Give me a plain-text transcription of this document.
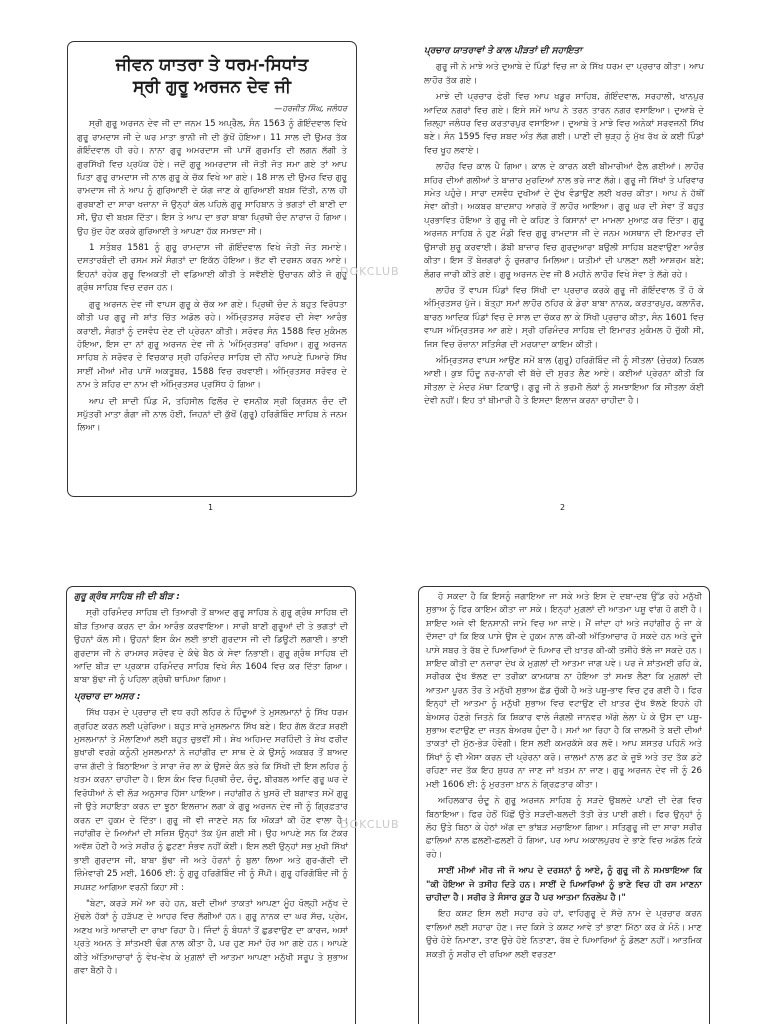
ਜੀਵਨ ਯਾਤਰਾ ਤੇ ਧਰਮ-ਸਿਧਾਂਤ
ਸ੍ਰੀ ਗੁਰੂ ਅਰਜਨ ਦੇਵ ਜੀ
—ਹਰਜੀਤ ਸਿੰਘ, ਜਲੰਧਰ

ਸ੍ਰੀ ਗੁਰੂ ਅਰਜਨ ਦੇਵ ਜੀ ਦਾ ਜਨਮ 15 ਅਪ੍ਰੈਲ, ਸੰਨ 1563 ਨੂੰ ਗੋਇੰਦਵਾਲ ਵਿਖੇ ਗੁਰੂ ਰਾਮਦਾਸ ਜੀ ਦੇ ਘਰ ਮਾਤਾ ਭਾਨੀ ਜੀ ਦੀ ਕੁੱਖੋਂ ਹੋਇਆ। 11 ਸਾਲ ਦੀ ਉਮਰ ਤੱਕ ਗੋਇੰਦਵਾਲ ਹੀ ਰਹੇ। ਨਾਨਾ ਗੁਰੂ ਅਮਰਦਾਸ ਜੀ ਪਾਸੋਂ ਗੁਰਮਤਿ ਦੀ ਲਗਨ ਲੱਗੀ ਤੇ ਗੁਰਸਿੱਖੀ ਵਿਚ ਪ੍ਰਪੱਕ ਹੋਏ। ਜਦੋਂ ਗੁਰੂ ਅਮਰਦਾਸ ਜੀ ਜੋਤੀ ਜੋਤ ਸਮਾ ਗਏ ਤਾਂ ਆਪ ਪਿਤਾ ਗੁਰੂ ਰਾਮਦਾਸ ਜੀ ਨਾਲ ਗੁਰੂ ਕੇ ਚੱਕ ਵਿਖੇ ਆ ਗਏ। 18 ਸਾਲ ਦੀ ਉਮਰ ਵਿਚ ਗੁਰੂ ਰਾਮਦਾਸ ਜੀ ਨੇ ਆਪ ਨੂੰ ਗੁਰਿਆਈ ਦੇ ਯੋਗ ਜਾਣ ਕੇ ਗੁਰਿਆਈ ਬਖ਼ਸ਼ ਦਿੱਤੀ, ਨਾਲ ਹੀ ਗੁਰਬਾਣੀ ਦਾ ਸਾਰਾ ਖਜ਼ਾਨਾ ਜੋ ਉਨ੍ਹਾਂ ਕੋਲ ਪਹਿਲੇ ਗੁਰੂ ਸਾਹਿਬਾਨ ਤੇ ਭਗਤਾਂ ਦੀ ਬਾਣੀ ਦਾ ਸੀ, ਉਹ ਵੀ ਬਖ਼ਸ਼ ਦਿੱਤਾ। ਇਸ ਤੇ ਆਪ ਦਾ ਭਰਾ ਬਾਬਾ ਪ੍ਰਿਥੀ ਚੰਦ ਨਾਰਾਜ਼ ਹੋ ਗਿਆ। ਉਹ ਖੁੱਦ ਹੋਣ ਕਰਕੇ ਗੁਰਿਆਈ ਤੇ ਆਪਣਾ ਹੱਕ ਸਮਝਦਾ ਸੀ।

1 ਸਤੰਬਰ 1581 ਨੂੰ ਗੁਰੂ ਰਾਮਦਾਸ ਜੀ ਗੋਇੰਦਵਾਲ ਵਿਖੇ ਜੋਤੀ ਜੋਤ ਸਮਾਏ। ਦਸਤਾਰਬੰਦੀ ਦੀ ਰਸਮ ਸਮੇਂ ਸੰਗਤਾਂ ਦਾ ਇਕੱਠ ਹੋਇਆ। ਭੱਟ ਵੀ ਦਰਸ਼ਨ ਕਰਨ ਆਏ। ਇਹਨਾਂ ਰਹੇਕ ਗੁਰੂ ਵਿਅਕਤੀ ਦੀ ਵਡਿਆਈ ਕੀਤੀ ਤੇ ਸਵੱਈਏ ਉਚਾਰਨ ਕੀਤੇ ਜੋ ਗੁਰੂ ਗ੍ਰੰਥ ਸਾਹਿਬ ਵਿਚ ਦਰਜ ਹਨ।

ਗੁਰੂ ਅਰਜਨ ਦੇਵ ਜੀ ਵਾਪਸ ਗੁਰੂ ਕੇ ਚੱਕ ਆ ਗਏ। ਪ੍ਰਿਥੀ ਚੰਦ ਨੇ ਬਹੁਤ ਵਿਰੋਧਤਾ ਕੀਤੀ ਪਰ ਗੁਰੂ ਜੀ ਸ਼ਾਂਤ ਚਿੱਤ ਅਡੋਲ ਰਹੇ। ਅੰਮ੍ਰਿਤਸਰ ਸਰੋਵਰ ਦੀ ਸੇਵਾ ਆਰੰਭ ਕਰਾਈ, ਸੰਗਤਾਂ ਨੂੰ ਦਸਵੰਧ ਦੇਣ ਦੀ ਪ੍ਰੇਰਨਾ ਕੀਤੀ। ਸਰੋਵਰ ਸੰਨ 1588 ਵਿਚ ਮੁਕੰਮਲ ਹੋਇਆ, ਇਸ ਦਾ ਨਾਂ ਗੁਰੂ ਅਰਜਨ ਦੇਵ ਜੀ ਨੇ 'ਅੰਮ੍ਰਿਤਸਰ' ਰਖਿਆ। ਗੁਰੂ ਅਰਜਨ ਸਾਹਿਬ ਨੇ ਸਰੋਵਰ ਦੇ ਵਿਚਕਾਰ ਸ੍ਰੀ ਹਰਿਮੰਦਰ ਸਾਹਿਬ ਦੀ ਨੀਂਹ ਆਪਣੇ ਪਿਆਰੇ ਸਿੱਖ ਸਾਈਂ ਮੀਆਂ ਮੀਰ ਪਾਸੋਂ ਅਕਤੂਬਰ, 1588 ਵਿਚ ਰਖਵਾਈ। ਅੰਮ੍ਰਿਤਸਰ ਸਰੋਵਰ ਦੇ ਨਾਮ ਤੇ ਸ਼ਹਿਰ ਦਾ ਨਾਮ ਵੀ ਅੰਮ੍ਰਿਤਸਰ ਪ੍ਰਸਿੱਧ ਹੋ ਗਿਆ।

ਆਪ ਦੀ ਸ਼ਾਦੀ ਪਿੰਡ ਮੌ, ਤਹਿਸੀਲ ਫਿਲੌਰ ਦੇ ਵਸਨੀਕ ਸ੍ਰੀ ਕ੍ਰਿਸ਼ਨ ਚੰਦ ਦੀ ਸਪੁੱਤਰੀ ਮਾਤਾ ਗੰਗਾ ਜੀ ਨਾਲ ਹੋਈ, ਜਿਹਨਾਂ ਦੀ ਕੁੱਖੋਂ (ਗੁਰੂ) ਹਰਿਗੋਬਿੰਦ ਸਾਹਿਬ ਨੇ ਜਨਮ ਲਿਆ।

1

ਪ੍ਰਚਾਰ ਯਾਤਰਾਵਾਂ ਤੇ ਕਾਲ ਪੀੜਤਾਂ ਦੀ ਸਹਾਇਤਾ

ਗੁਰੂ ਜੀ ਨੇ ਮਾਝੇ ਅਤੇ ਦੁਆਬੇ ਦੇ ਪਿੰਡਾਂ ਵਿਚ ਜਾ ਕੇ ਸਿੱਖ ਧਰਮ ਦਾ ਪ੍ਰਚਾਰ ਕੀਤਾ। ਆਪ ਲਾਹੌਰ ਤੱਕ ਗਏ।

ਮਾਝੇ ਦੀ ਪ੍ਰਚਾਰ ਫੇਰੀ ਵਿਚ ਆਪ ਖਡੂਰ ਸਾਹਿਬ, ਗੋਇੰਦਵਾਲ, ਸਰਹਾਲੀ, ਖਾਨਪੁਰ ਆਦਿਕ ਨਗਰਾਂ ਵਿਚ ਗਏ। ਇਸੇ ਸਮੇਂ ਆਪ ਨੇ ਤਰਨ ਤਾਰਨ ਨਗਰ ਵਸਾਇਆ। ਦੁਆਬੇ ਦੇ ਜ਼ਿਲ੍ਹਾ ਜਲੰਧਰ ਵਿਚ ਕਰਤਾਰਪੁਰ ਵਸਾਇਆ। ਦੁਆਬੇ ਤੇ ਮਾਝੇ ਵਿਚ ਅਨੇਕਾਂ ਸਰਵਜਨੀ ਸਿੱਖ ਬਣੇ। ਸੰਨ 1595 ਵਿਚ ਸ਼ਬਦ ਅੰਤ ਲੱਗ ਗਈ। ਪਾਣੀ ਦੀ ਥੁੜ੍ਹ ਨੂੰ ਮੁੱਖ ਰੱਖ ਕੇ ਕਈ ਪਿੰਡਾਂ ਵਿਚ ਖੂਹ ਲਵਾਏ।

ਲਾਹੌਰ ਵਿਚ ਕਾਲ ਪੈ ਗਿਆ। ਕਾਲ ਦੇ ਕਾਰਨ ਕਈ ਬੀਮਾਰੀਆਂ ਫੈਲ ਗਈਆਂ। ਲਾਹੌਰ ਸ਼ਹਿਰ ਦੀਆਂ ਗਲੀਆਂ ਤੇ ਬਾਜ਼ਾਰ ਮੁਰਦਿਆਂ ਨਾਲ ਭਰੇ ਜਾਣ ਲੱਗੇ। ਗੁਰੂ ਜੀ ਸਿੱਖਾਂ ਤੇ ਪਰਿਵਾਰ ਸਮੇਤ ਪਹੁੰਚੇ। ਸਾਰਾ ਦਸਵੰਧ ਦੁਖੀਆਂ ਦੇ ਦੁੱਖ ਵੰਡਾਉਣ ਲਈ ਖਰਚ ਕੀਤਾ। ਆਪ ਨੇ ਹੱਥੀਂ ਸੇਵਾ ਕੀਤੀ। ਅਕਬਰ ਬਾਦਸ਼ਾਹ ਆਗਰੇ ਤੋਂ ਲਾਹੌਰ ਆਇਆ। ਗੁਰੂ ਘਰ ਦੀ ਸੇਵਾ ਤੋਂ ਬਹੁਤ ਪ੍ਰਭਾਵਿਤ ਹੋਇਆ ਤੇ ਗੁਰੂ ਜੀ ਦੇ ਕਹਿਣ ਤੇ ਕਿਸਾਨਾਂ ਦਾ ਮਾਮਲਾ ਮੁਆਫ਼ ਕਰ ਦਿੱਤਾ। ਗੁਰੂ ਅਰਜਨ ਸਾਹਿਬ ਨੇ ਹੁਣ ਮੰਡੀ ਵਿਚ ਗੁਰੂ ਰਾਮਦਾਸ ਜੀ ਦੇ ਜਨਮ ਅਸਥਾਨ ਦੀ ਇਮਾਰਤ ਦੀ ਉਸਾਰੀ ਸ਼ੁਰੂ ਕਰਵਾਈ। ਡੱਬੀ ਬਾਜ਼ਾਰ ਵਿਚ ਗੁਰਦੁਆਰਾ ਬਉਲੀ ਸਾਹਿਬ ਬਣਵਾਉਣਾ ਆਰੰਭ ਕੀਤਾ। ਇਸ ਤੋਂ ਬੇਜ਼ਗਰਾਂ ਨੂੰ ਰੁਜ਼ਗਾਰ ਮਿਲਿਆ। ਯਤੀਮਾਂ ਦੀ ਪਾਲਣਾ ਲਈ ਆਸ਼ਰਮ ਬਣੇ; ਲੰਗਰ ਜਾਰੀ ਕੀਤੇ ਗਏ। ਗੁਰੂ ਅਰਜਨ ਦੇਵ ਜੀ 8 ਮਹੀਨੇ ਲਾਹੌਰ ਵਿਖੇ ਸੇਵਾ ਤੇ ਲੱਗੇ ਰਹੇ।

ਲਾਹੌਰ ਤੋਂ ਵਾਪਸ ਪਿੰਡਾਂ ਵਿਚ ਸਿੱਖੀ ਦਾ ਪ੍ਰਚਾਰ ਕਰਕੇ ਗੁਰੂ ਜੀ ਗੋਇੰਦਵਾਲ ਤੋਂ ਹੋ ਕੇ ਅੰਮ੍ਰਿਤਸਰ ਪੁੱਜੇ। ਬੋਤ੍ਹਾ ਸਮਾਂ ਲਾਹੌਰ ਠਹਿਰ ਕੇ ਡੇਰਾ ਬਾਬਾ ਨਾਨਕ, ਕਰਤਾਰਪੁਰ, ਕਲਾਨੌਰ, ਬਾਰਠ ਆਦਿਕ ਪਿੰਡਾਂ ਵਿਚ ਦੋ ਸਾਲ ਦਾ ਚੱਕਰ ਲਾ ਕੇ ਸਿੱਖੀ ਪ੍ਰਚਾਰ ਕੀਤਾ, ਸੰਨ 1601 ਵਿਚ ਵਾਪਸ ਅੰਮ੍ਰਿਤਸਰ ਆ ਗਏ। ਸ੍ਰੀ ਹਰਿਮੰਦਰ ਸਾਹਿਬ ਦੀ ਇਮਾਰਤ ਮੁਕੰਮਲ ਹੋ ਚੁੱਕੀ ਸੀ, ਜਿਸ ਵਿਚ ਰੋਜ਼ਾਨਾ ਸਤਿਸੰਗ ਦੀ ਮਰਯਾਦਾ ਕਾਇਮ ਕੀਤੀ।

ਅੰਮ੍ਰਿਤਸਰ ਵਾਪਸ ਆਉਣ ਸਮੇਂ ਬਾਲ (ਗੁਰੂ) ਹਰਿਗੋਬਿੰਦ ਜੀ ਨੂੰ ਸੀਤਲਾ (ਚੇਚਕ) ਨਿਕਲ ਆਈ। ਕੁਝ ਹਿੰਦੂ ਨਰ-ਨਾਰੀ ਵੀ ਬੱਚੇ ਦੀ ਸੁਰਤ ਲੈਣ ਆਏ। ਕਈਆਂ ਪ੍ਰੇਰਨਾ ਕੀਤੀ ਕਿ ਸੀਤਲਾ ਦੇ ਮੰਦਰ ਮੱਥਾ ਟਿਕਾਉ। ਗੁਰੂ ਜੀ ਨੇ ਭਰਮੀ ਲੋਕਾਂ ਨੂੰ ਸਮਝਾਇਆ ਕਿ ਸੀਤਲਾ ਕੋਈ ਦੇਵੀ ਨਹੀਂ। ਇਹ ਤਾਂ ਬੀਮਾਰੀ ਹੈ ਤੇ ਇਸਦਾ ਇਲਾਜ ਕਰਨਾ ਚਾਹੀਦਾ ਹੈ।

2
DOKCLUB

ਗੁਰੂ ਗ੍ਰੰਥ ਸਾਹਿਬ ਜੀ ਦੀ ਬੀੜ :

ਸ੍ਰੀ ਹਰਿਮੰਦਰ ਸਾਹਿਬ ਦੀ ਤਿਆਰੀ ਤੋਂ ਬਾਅਦ ਗੁਰੂ ਸਾਹਿਬ ਨੇ ਗੁਰੂ ਗ੍ਰੰਥ ਸਾਹਿਬ ਦੀ ਬੀੜ ਤਿਆਰ ਕਰਨ ਦਾ ਕੰਮ ਆਰੰਭ ਕਰਵਾਇਆ। ਸਾਰੀ ਬਾਣੀ ਗੁਰੂਆਂ ਦੀ ਤੇ ਭਗਤਾਂ ਦੀ ਉਹਨਾਂ ਕੋਲ ਸੀ। ਉਹਨਾਂ ਇਸ ਕੰਮ ਲਈ ਭਾਈ ਗੁਰਦਾਸ ਜੀ ਦੀ ਡਿਊਟੀ ਲਗਾਈ। ਭਾਈ ਗੁਰਦਾਸ ਜੀ ਨੇ ਰਾਮਸਰ ਸਰੋਵਰ ਦੇ ਕੰਢੇ ਬੈਠ ਕੇ ਸੇਵਾ ਨਿਭਾਈ। ਗੁਰੂ ਗ੍ਰੰਥ ਸਾਹਿਬ ਦੀ ਆਦਿ ਬੀੜ ਦਾ ਪ੍ਰਕਾਸ਼ ਹਰਿਮੰਦਰ ਸਾਹਿਬ ਵਿਖੇ ਸੰਨ 1604 ਵਿਚ ਕਰ ਦਿੱਤਾ ਗਿਆ। ਬਾਬਾ ਬੁੱਢਾ ਜੀ ਨੂੰ ਪਹਿਲਾ ਗ੍ਰੰਥੀ ਥਾਪਿਆ ਗਿਆ।

ਪ੍ਰਚਾਰ ਦਾ ਅਸਰ :

ਸਿੱਖ ਧਰਮ ਦੇ ਪ੍ਰਚਾਰ ਦੀ ਵਧ ਰਹੀ ਲਹਿਰ ਨੇ ਹਿੰਦੂਆਂ ਤੇ ਮੁਸਲਮਾਨਾਂ ਨੂੰ ਸਿੱਖ ਧਰਮ ਗ੍ਰਹਿਣ ਕਰਨ ਲਈ ਪ੍ਰੇਰਿਆ। ਬਹੁਤ ਸਾਰੇ ਮੁਸਲਮਾਨ ਸਿੱਖ ਬਣੇ। ਇਹ ਗੱਲ ਕੱਟੜ ਸ਼ਰਈ ਮੁਸਲਮਾਨਾਂ ਤੇ ਮੌਲਾਣਿਆਂ ਲਈ ਬਹੁਤ ਚੁਭਵੀਂ ਸੀ। ਸ਼ੇਖ ਅਹਿਮਦ ਸਰਹਿੰਦੀ ਤੇ ਸ਼ੇਖ ਫਰੀਦ ਬੁਖਾਰੀ ਵਰਗੇ ਕਨੂੰਨੀ ਮੁਸਲਮਾਨਾਂ ਨੇ ਜਹਾਂਗੀਰ ਦਾ ਸਾਥ ਦੇ ਕੇ ਉਸਨੂੰ ਅਕਬਰ ਤੋਂ ਬਾਅਦ ਰਾਜ ਗੱਦੀ ਤੇ ਬਿਠਾਇਆ ਤੇ ਸਾਰਾ ਜ਼ੋਰ ਲਾ ਕੇ ਉਸਦੇ ਕੰਨ ਭਰੇ ਕਿ ਸਿੱਖੀ ਦੀ ਇਸ ਲਹਿਰ ਨੂੰ ਖ਼ਤਮ ਕਰਨਾ ਚਾਹੀਦਾ ਹੈ। ਇਸ ਕੰਮ ਵਿਚ ਪ੍ਰਿਥੀ ਚੰਦ, ਚੰਦੂ, ਬੀਰਬਲ ਆਦਿ ਗੁਰੂ ਘਰ ਦੇ ਵਿਰੋਧੀਆਂ ਨੇ ਵੀ ਲੋੜ ਅਨੁਸਾਰ ਹਿੱਸਾ ਪਾਇਆ। ਜਹਾਂਗੀਰ ਨੇ ਖੁਸਰੋ ਦੀ ਬਗਾਵਤ ਸਮੇਂ ਗੁਰੂ ਜੀ ਉਤੇ ਸਹਾਇਤਾ ਕਰਨ ਦਾ ਝੂਠਾ ਇਲਜ਼ਾਮ ਲਗਾ ਕੇ ਗੁਰੂ ਅਰਜਨ ਦੇਵ ਜੀ ਨੂੰ ਗ੍ਰਿਫ਼ਤਾਰ ਕਰਨ ਦਾ ਹੁਕਮ ਦੇ ਦਿੱਤਾ। ਗੁਰੂ ਜੀ ਵੀ ਜਾਣਦੇ ਸਨ ਕਿ ਔਕੜਾਂ ਕੀ ਹੋਣ ਵਾਲਾ ਹੈ। ਜਹਾਂਗੀਰ ਦੇ ਮਿਆਂਮਾਂ ਦੀ ਸਜ਼ਿਸ਼ ਉਨ੍ਹਾਂ ਤੱਕ ਪੁੱਜ ਗਈ ਸੀ। ਉਹ ਆਪਣੇ ਸਨ ਕਿ ਟੱਕਰ ਅਵੱਸ਼ ਹੋਣੀ ਹੈ ਅਤੇ ਸਰੀਰ ਨੂੰ ਛੁਟਣਾ ਸੰਭਵ ਨਹੀਂ ਕੋਈ। ਇਸ ਲਈ ਉਨ੍ਹਾਂ ਸਭ ਮੁਖੀ ਸਿੱਖਾਂ ਭਾਈ ਗੁਰਦਾਸ ਜੀ, ਬਾਬਾ ਬੁੱਢਾ ਜੀ ਅਤੇ ਹੋਰਨਾਂ ਨੂੰ ਬੁਲਾ ਲਿਆ ਅਤੇ ਗੁਰ-ਗੱਦੀ ਦੀ ਜ਼ਿੰਮੇਵਾਰੀ 25 ਮਈ, 1606 ਈ: ਨੂੰ ਗੁਰੂ ਹਰਿਗੋਬਿੰਦ ਜੀ ਨੂੰ ਸੌਂਪੀ। ਗੁਰੂ ਹਰਿਗੋਬਿੰਦ ਜੀ ਨੂੰ ਸਪਸ਼ਟ ਆਗਿਆ ਵਰਨੀ ਕਿਹਾ ਸੀ :

"ਬੇਟਾ, ਕਰੜੇ ਸਮੇਂ ਆ ਰਹੇ ਹਨ, ਬਦੀ ਦੀਆਂ ਤਾਕਤਾਂ ਆਪਣਾ ਮੂੰਹ ਖੋਲ੍ਹੀ ਮਨੁੱਖ ਦੇ ਮੁੱਢਲੇ ਹੱਕਾਂ ਨੂੰ ਹੜੱਪਣ ਦੇ ਆਹਰ ਵਿਚ ਲੱਗੀਆਂ ਹਨ। ਗੁਰੂ ਨਾਨਕ ਦਾ ਘਰ ਸੱਚ, ਪ੍ਰੇਮ, ਅਣਖ ਅਤੇ ਆਜ਼ਾਦੀ ਦਾ ਰਾਖਾ ਰਿਹਾ ਹੈ। ਜਿੰਦਾਂ ਨੂੰ ਬੰਧਨਾਂ ਤੋਂ ਛੁਡਵਾਉਣ ਦਾ ਕਾਰਜ, ਅਸਾਂ ਪ੍ਰਤੇ ਅਮਨ ਤੇ ਸ਼ਾਂਤਮਈ ਢੰਗ ਨਾਲ ਕੀਤਾ ਹੈ, ਪਰ ਹੁਣ ਸਮਾਂ ਹੋਰ ਆ ਗਏ ਹਨ। ਆਪਣੇ ਕੀਤੇ ਅੱਤਿਆਚਾਰਾਂ ਨੂੰ ਵੇਖ-ਵੇਖ ਕੇ ਮੁਗ਼ਲਾਂ ਦੀ ਆਤਮਾ ਆਪਣਾ ਮਨੁੱਖੀ ਸਰੂਪ ਤੇ ਸੁਭਾਅ ਗਵਾ ਬੈਠੀ ਹੈ।

ਹੋ ਸਕਦਾ ਹੈ ਕਿ ਇਸਨੂੰ ਜਗਾਇਆ ਜਾ ਸਕੇ ਅਤੇ ਇਸ ਦੇ ਦਬਾ-ਦਬ ਉੱਡ ਰਹੇ ਮਨੁੱਖੀ ਸੁਭਾਅ ਨੂੰ ਫਿਰ ਕਾਇਮ ਕੀਤਾ ਜਾ ਸਕੇ। ਇਨ੍ਹਾਂ ਮੁਗ਼ਲਾਂ ਦੀ ਆਤਮਾ ਪਸ਼ੂ ਵਾਂਗ ਹੋ ਗਈ ਹੈ। ਸ਼ਾਇਦ ਅਜੇ ਵੀ ਇਨਸਾਨੀ ਜਾਮੇ ਵਿਚ ਆ ਜਾਏ। ਮੈਂ ਜਾਂਦਾ ਹਾਂ ਅਤੇ ਜਹਾਂਗੀਰ ਨੂੰ ਜਾ ਕੇ ਦੱਸਦਾ ਹਾਂ ਕਿ ਇਕ ਪਾਸੇ ਉਸ ਦੇ ਹੁਕਮ ਨਾਲ ਕੀ-ਕੀ ਅੱਤਿਆਚਾਰ ਹੋ ਸਕਦੇ ਹਨ ਅਤੇ ਦੂਜੇ ਪਾਸੇ ਸਬਰ ਤੇ ਰੱਬ ਦੇ ਪਿਆਰਿਆਂ ਦੇ ਪਿਆਰ ਦੀ ਖ਼ਾਤਰ ਕੀ-ਕੀ ਤਸੀਹੇ ਝੱਲੇ ਜਾ ਸਕਦੇ ਹਨ। ਸ਼ਾਇਦ ਕੀਤੀ ਦਾ ਨਜ਼ਾਰਾ ਦੇਖ ਕੇ ਮੁਗ਼ਲਾਂ ਦੀ ਆਤਮਾ ਜਾਗ ਪਵੇ। ਪਰ ਜੇ ਸ਼ਾਂਤਮਈ ਰਹਿ ਕੇ, ਸਰੀਰਕ ਦੁੱਖ ਝੱਲਣ ਦਾ ਤਰੀਕਾ ਕਾਮਯਾਬ ਨਾ ਹੋਇਆ ਤਾਂ ਸਮਝ ਲੈਣਾ ਕਿ ਮੁਗ਼ਲਾਂ ਦੀ ਆਤਮਾ ਪੂਰਨ ਤੌਰ ਤੇ ਮਨੁੱਖੀ ਸੁਭਾਅ ਛੱਡ ਚੁੱਕੀ ਹੈ ਅਤੇ ਪਸ਼ੂ-ਭਾਵ ਵਿਚ ਟੁਰ ਗਈ ਹੈ। ਫਿਰ ਇਨ੍ਹਾਂ ਦੀ ਆਤਮਾ ਨੂੰ ਮਨੁੱਖੀ ਸੁਭਾਅ ਵਿਚ ਵਟਾਉਣ ਦੀ ਖ਼ਾਤਰ ਦੁੱਖ ਝੱਲਣੇ ਇਹਨੇ ਹੀ ਬੇਅਸਰ ਹੋਣਗੇ ਜਿਤਨੇ ਕਿ ਸ਼ਿਕਾਰ ਵਾਲੇ ਜੰਗਲੀ ਜਾਨਵਰ ਅੱਗੇ ਲੇਲਾ ਪੇ ਕੇ ਉਸ ਦਾ ਪਸ਼ੂ-ਸੁਭਾਅ ਵਟਾਉਣ ਦਾ ਜਤਨ ਬੇਅਰਥ ਹੁੰਦਾ ਹੈ। ਸਮਾਂ ਆ ਰਿਹਾ ਹੈ ਕਿ ਜ਼ਾਲਮੀ ਤੇ ਬਦੀ ਦੀਆਂ ਤਾਕਤਾਂ ਦੀ ਮੁੱਠ-ਭੇੜ ਹੋਵੇਗੀ। ਇਸ ਲਈ ਕਮਰਕੱਸੇ ਕਰ ਲਵੋ। ਆਪ ਸ਼ਸਤਰ ਪਹਿਨੋ ਅਤੇ ਸਿੱਖਾਂ ਨੂੰ ਵੀ ਐਸਾ ਕਰਨ ਦੀ ਪ੍ਰੇਰਨਾ ਕਰੋ। ਜ਼ਾਲਮਾਂ ਨਾਲ ਡਟ ਕੇ ਜੂਝੋ ਅਤੇ ਤਦ ਤੱਕ ਡਟੇ ਰਹਿਣਾ ਜਦ ਤੱਕ ਇਹ ਸ਼ੁਧਰ ਨਾ ਜਾਣ ਜਾਂ ਖ਼ਤਮ ਨਾ ਜਾਣ। ਗੁਰੂ ਅਰਜਨ ਦੇਵ ਜੀ ਨੂੰ 26 ਮਈ 1606 ਈ: ਨੂੰ ਮੁਰਤਜ਼ਾ ਖ਼ਾਨ ਨੇ ਗ੍ਰਿਫ਼ਤਾਰ ਕੀਤਾ।

ਅਹਿਲਕਾਰ ਚੰਦੂ ਨੇ ਗੁਰੂ ਅਰਜਨ ਸਾਹਿਬ ਨੂੰ ਸੜਦੇ ਉਬਲਦੇ ਪਾਣੀ ਦੀ ਦੇਗ ਵਿਚ ਬਿਠਾਇਆ। ਫਿਰ ਹੇਠੋਂ ਪਿੱਛੋਂ ਉਤੇ ਸੜਦੀ-ਬਲਦੀ ਤੱਤੀ ਰੇਤ ਪਾਈ ਗਈ। ਫਿਰ ਉਨ੍ਹਾਂ ਨੂੰ ਲੋਹ ਉਤੇ ਬਿਠਾ ਕੇ ਹੇਠਾਂ ਅੱਗ ਦਾ ਭਾਂਬੜ ਮਚਾਇਆ ਗਿਆ। ਸਤਿਗੁਰੂ ਜੀ ਦਾ ਸਾਰਾ ਸਰੀਰ ਛਾਲਿਆਂ ਨਾਲ ਛਲਣੀ-ਛਲਣੀ ਹੋ ਗਿਆ, ਪਰ ਆਪ ਅਕਾਲਪੁਰਖ ਦੇ ਭਾਣੇ ਵਿਚ ਅਡੋਲ ਟਿਕੇ ਰਹੇ।

ਸਾਈਂ ਮੀਆਂ ਮੀਰ ਜੀ ਜੋ ਆਪ ਦੇ ਦਰਸ਼ਨਾਂ ਨੂੰ ਆਏ, ਨੂੰ ਗੁਰੂ ਜੀ ਨੇ ਸਮਝਾਇਆ ਕਿ "ਕੀ ਹੋਇਆ ਜੇ ਤਸੀਹ ਦਿਤੇ ਹਨ। ਸਾਈਂ ਦੇ ਪਿਆਰਿਆਂ ਨੂੰ ਭਾਣੇ ਵਿਚ ਹੀ ਰਸ ਮਾਣਨਾ ਚਾਹੀਦਾ ਹੈ। ਸਰੀਰ ਤੇ ਸੰਸਾਰ ਕੂੜ ਹੈ ਪਰ ਆਤਮਾ ਨਿਰਲੇਪ ਹੈ।"

ਇਹ ਕਸ਼ਟ ਇਸ ਲਈ ਸਹਾਰ ਰਹੇ ਹਾਂ, ਵਾਹਿਗੁਰੂ ਦੇ ਸੱਚੇ ਨਾਮ ਦੇ ਪ੍ਰਚਾਰ ਕਰਨ ਵਾਲਿਆਂ ਲਈ ਸਹਾਰਾ ਹੋਣ। ਜਦ ਕਿਸੇ ਤੇ ਕਸ਼ਟ ਆਵੇ ਤਾਂ ਭਾਣਾ ਮਿੱਠਾ ਕਰ ਕੇ ਮੰਨੋ। ਮਾਣ ਉਚੇ ਹੋਏ ਨਿਮਾਣਾ, ਤਾਣ ਉਚੇ ਹੋਏ ਨਿਤਾਣਾ, ਰੱਬ ਦੇ ਪਿਆਰਿਆਂ ਨੂੰ ਡੋਲਣਾ ਨਹੀਂ। ਆਤਮਿਕ ਸ਼ਕਤੀ ਨੂੰ ਸਰੀਰ ਦੀ ਰਖਿਆ ਲਈ ਵਰਤਣਾ

DOKCLUB
